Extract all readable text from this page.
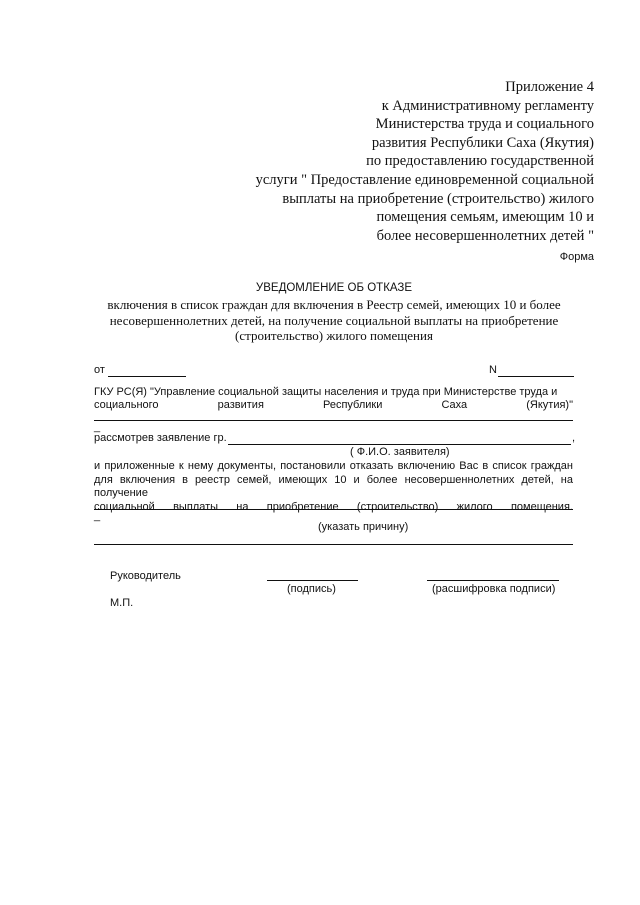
Приложение 4
к Административному регламенту
Министерства труда и социального
развития Республики Саха (Якутия)
по предоставлению государственной
услуги " Предоставление единовременной социальной
выплаты на приобретение (строительство) жилого
помещения семьям, имеющим 10 и
более несовершеннолетних детей "
Форма
УВЕДОМЛЕНИЕ ОБ ОТКАЗЕ
включения в список граждан для включения в Реестр семей, имеющих 10 и более
несовершеннолетних детей, на получение социальной выплаты на приобретение
(строительство) жилого помещения
от	N
ГКУ РС(Я) "Управление социальной защиты населения и труда при Министерстве труда и
социального	развития	Республики	Саха	(Якутия)"
_
рассмотрев заявление гр.	,
( Ф.И.О. заявителя)
и приложенные к нему документы, постановили отказать включению Вас в список граждан для включения в реестр семей, имеющих 10 и более несовершеннолетних детей, на получение
социальной выплаты на приобретение (строительство) жилого помещения.
_
(указать причину)
Руководитель
(подпись)	(расшифровка подписи)
М.П.
